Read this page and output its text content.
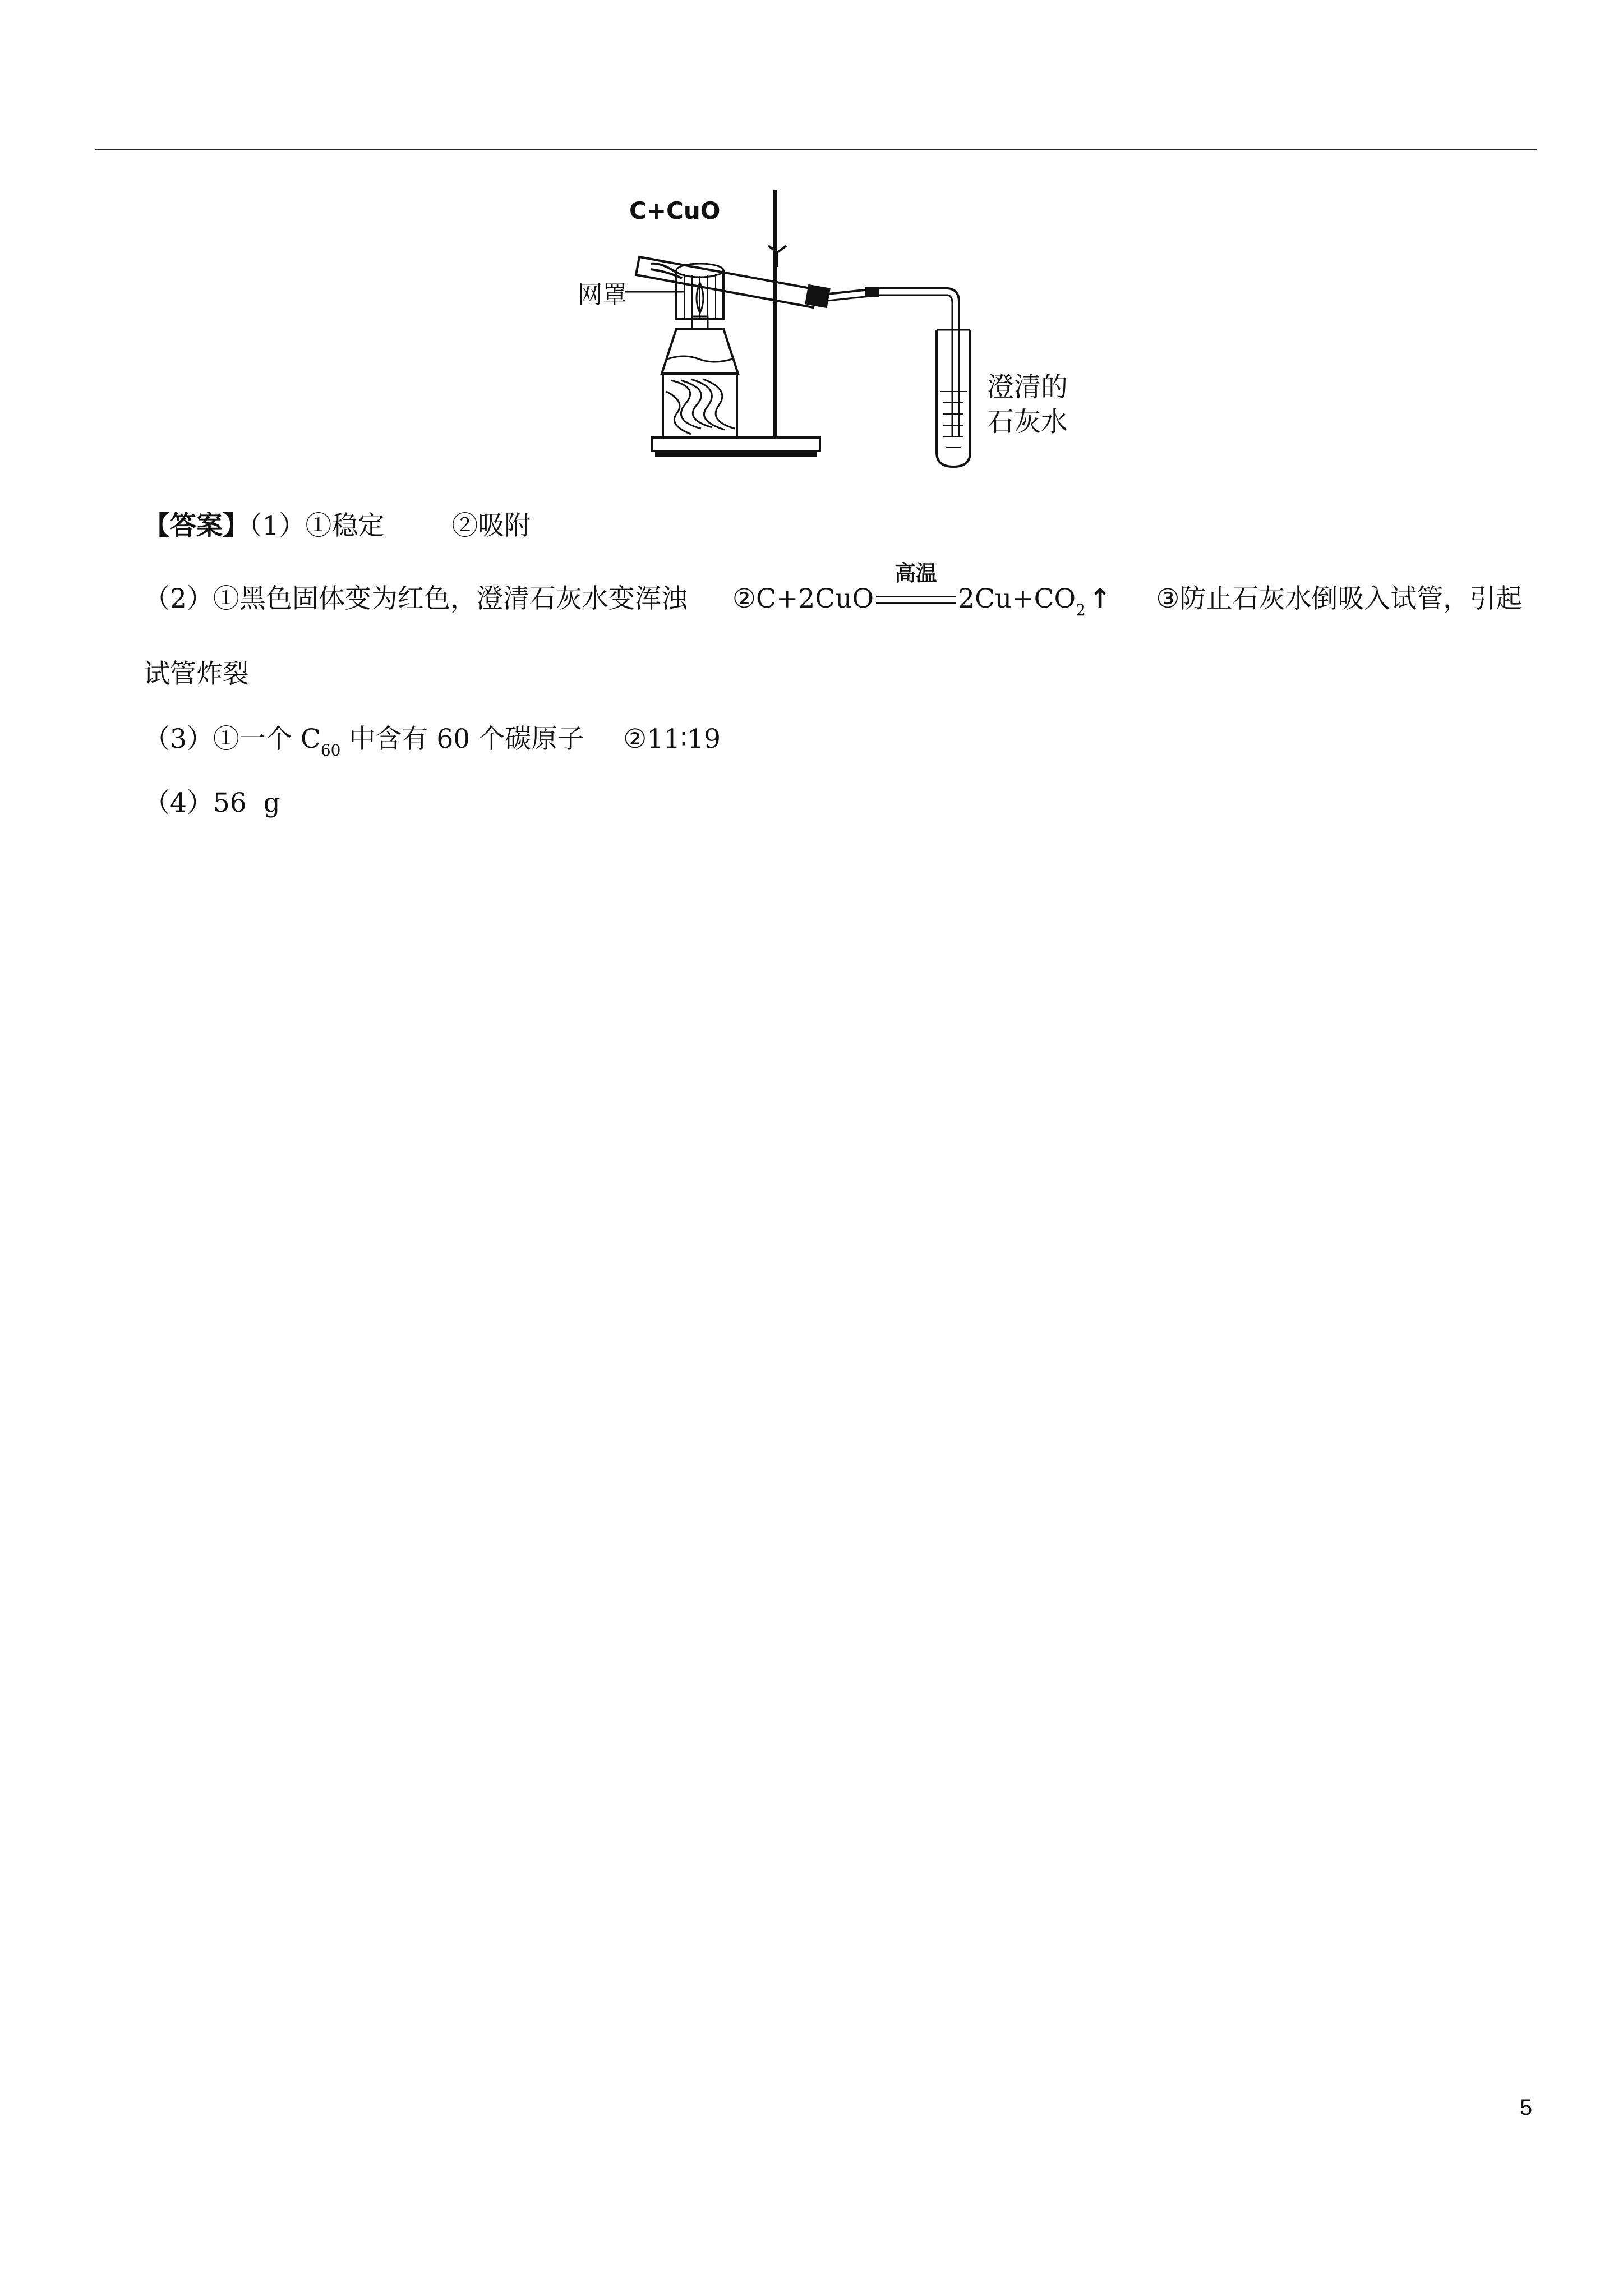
C+CuO
网罩
澄清的
石灰水
【答案】（1）①稳定	②吸附
（2）①黑色固体变为红色，澄清石灰水变浑浊 ②C+2CuO
高温
$2Cu+CO_2$ ↑ ③防止石灰水倒吸入试管，引起
试管炸裂
（3）①一个 $C_{60}$ 中含有 60 个碳原子 ②11∶19
（4）56  g
5
